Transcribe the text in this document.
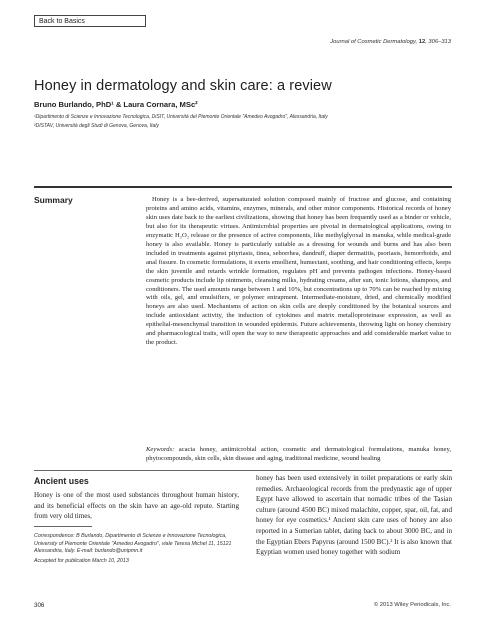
Back to Basics
Journal of Cosmetic Dermatology, 12, 306–313
Honey in dermatology and skin care: a review
Bruno Burlando, PhD¹ & Laura Cornara, MSc²
¹Dipartimento di Scienze e Innovazione Tecnologica, DiSIT, Università del Piemonte Orientale "Amedeo Avogadro", Alessandria, Italy
²DISTAV, Università degli Studi di Genova, Genova, Italy
Summary	Honey is a bee-derived, supersaturated solution composed mainly of fructose and glucose, and containing proteins and amino acids, vitamins, enzymes, minerals, and other minor components. Historical records of honey skin uses date back to the earliest civilizations, showing that honey has been frequently used as a binder or vehicle, but also for its therapeutic virtues. Antimicrobial properties are pivotal in dermatological applications, owing to enzymatic H₂O₂ release or the presence of active components, like methylglyoxal in manuka, while medical-grade honey is also available. Honey is particularly suitable as a dressing for wounds and burns and has also been included in treatments against pityriasis, tinea, seborrhea, dandruff, diaper dermatitis, psoriasis, hemorrhoids, and anal fissure. In cosmetic formulations, it exerts emollient, humectant, soothing, and hair conditioning effects, keeps the skin juvenile and retards wrinkle formation, regulates pH and prevents pathogen infections. Honey-based cosmetic products include lip ointments, cleansing milks, hydrating creams, after sun, tonic lotions, shampoos, and conditioners. The used amounts range between 1 and 10%, but concentrations up to 70% can be reached by mixing with oils, gel, and emulsifiers, or polymer entrapment. Intermediate-moisture, dried, and chemically modified honeys are also used. Mechanisms of action on skin cells are deeply conditioned by the botanical sources and include antioxidant activity, the induction of cytokines and matrix metalloproteinase expression, as well as epithelial-mesenchymal transition in wounded epidermis. Future achievements, throwing light on honey chemistry and pharmacological traits, will open the way to new therapeutic approaches and add considerable market value to the product.

Keywords: acacia honey, antimicrobial action, cosmetic and dermatological formulations, manuka honey, phytocompounds, skin cells, skin disease and aging, traditional medicine, wound healing
Ancient uses

Honey is one of the most used substances throughout human history, and its beneficial effects on the skin have an age-old repute. Starting from very old times,

Correspondence: B Burlando, Dipartimento di Scienze e Innovazione Tecnologica, University of Piemonte Orientale "Amedeo Avogadro", viale Teresa Michel 11, 15121 Alessandria, Italy. E-mail: burlando@unipmn.it
Accepted for publication March 10, 2013

honey has been used extensively in toilet preparations or early skin remedies. Archaeological records from the predynastic age of upper Egypt have allowed to ascertain that nomadic tribes of the Tasian culture (around 4500 BC) mixed malachite, copper, spar, oil, fat, and honey for eye cosmetics.¹ Ancient skin care uses of honey are also reported in a Sumerian tablet, dating back to about 3000 BC, and in the Egyptian Ebers Papyrus (around 1500 BC).² It is also known that Egyptian women used honey together with sodium

306	© 2013 Wiley Periodicals, Inc.
